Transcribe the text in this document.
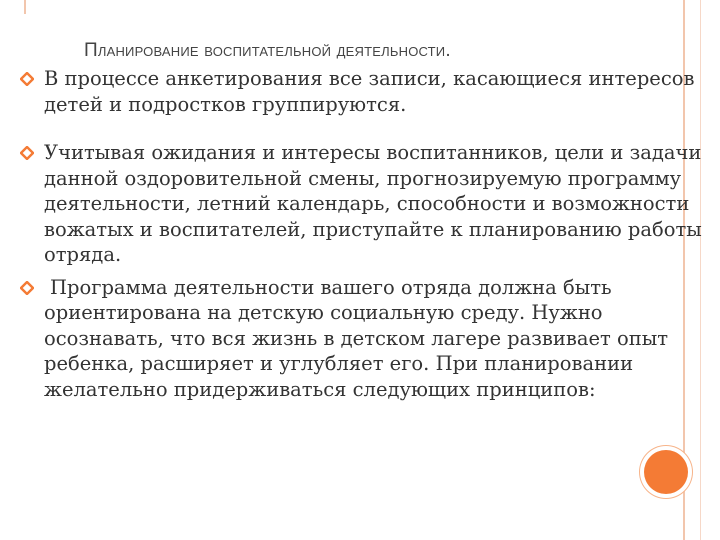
Планирование воспитательной деятельности.
В процессе анкетирования все записи, касающиеся интересов детей и подростков группируются.
Учитывая ожидания и интересы воспитанников, цели и задачи данной оздоровительной смены, прогнозируемую программу деятельности, летний календарь, способности и возможности вожатых и воспитателей, приступайте к планированию работы отряда.
Программа деятельности вашего отряда должна быть ориентирована на детскую социальную среду. Нужно осознавать, что вся жизнь в детском лагере развивает опыт ребенка, расширяет и углубляет его. При планировании желательно придерживаться следующих принципов:
